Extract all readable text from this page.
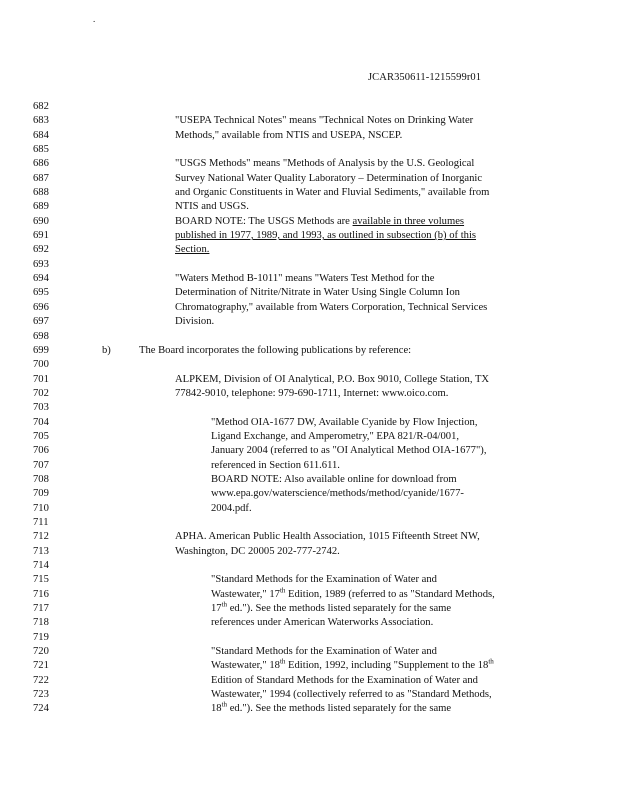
.
JCAR350611-1215599r01
682
683	"USEPA Technical Notes" means "Technical Notes on Drinking Water
684	Methods," available from NTIS and USEPA, NSCEP.
685
686	"USGS Methods" means "Methods of Analysis by the U.S. Geological
687	Survey National Water Quality Laboratory – Determination of Inorganic
688	and Organic Constituents in Water and Fluvial Sediments," available from
689	NTIS and USGS.
690	BOARD NOTE: The USGS Methods are available in three volumes
691	published in 1977, 1989, and 1993, as outlined in subsection (b) of this
692	Section.
693
694	"Waters Method B-1011" means "Waters Test Method for the
695	Determination of Nitrite/Nitrate in Water Using Single Column Ion
696	Chromatography," available from Waters Corporation, Technical Services
697	Division.
698
699	b)	The Board incorporates the following publications by reference:
700
701	ALPKEM, Division of OI Analytical, P.O. Box 9010, College Station, TX
702	77842-9010, telephone: 979-690-1711, Internet: www.oico.com.
703
704	"Method OIA-1677 DW, Available Cyanide by Flow Injection,
705	Ligand Exchange, and Amperometry," EPA 821/R-04/001,
706	January 2004 (referred to as "OI Analytical Method OIA-1677"),
707	referenced in Section 611.611.
708	BOARD NOTE: Also available online for download from
709	www.epa.gov/waterscience/methods/method/cyanide/1677-
710	2004.pdf.
711
712	APHA. American Public Health Association, 1015 Fifteenth Street NW,
713	Washington, DC 20005 202-777-2742.
714
715	"Standard Methods for the Examination of Water and
716	Wastewater," 17th Edition, 1989 (referred to as "Standard Methods,
717	17th ed."). See the methods listed separately for the same
718	references under American Waterworks Association.
719
720	"Standard Methods for the Examination of Water and
721	Wastewater," 18th Edition, 1992, including "Supplement to the 18th
722	Edition of Standard Methods for the Examination of Water and
723	Wastewater," 1994 (collectively referred to as "Standard Methods,
724	18th ed."). See the methods listed separately for the same
